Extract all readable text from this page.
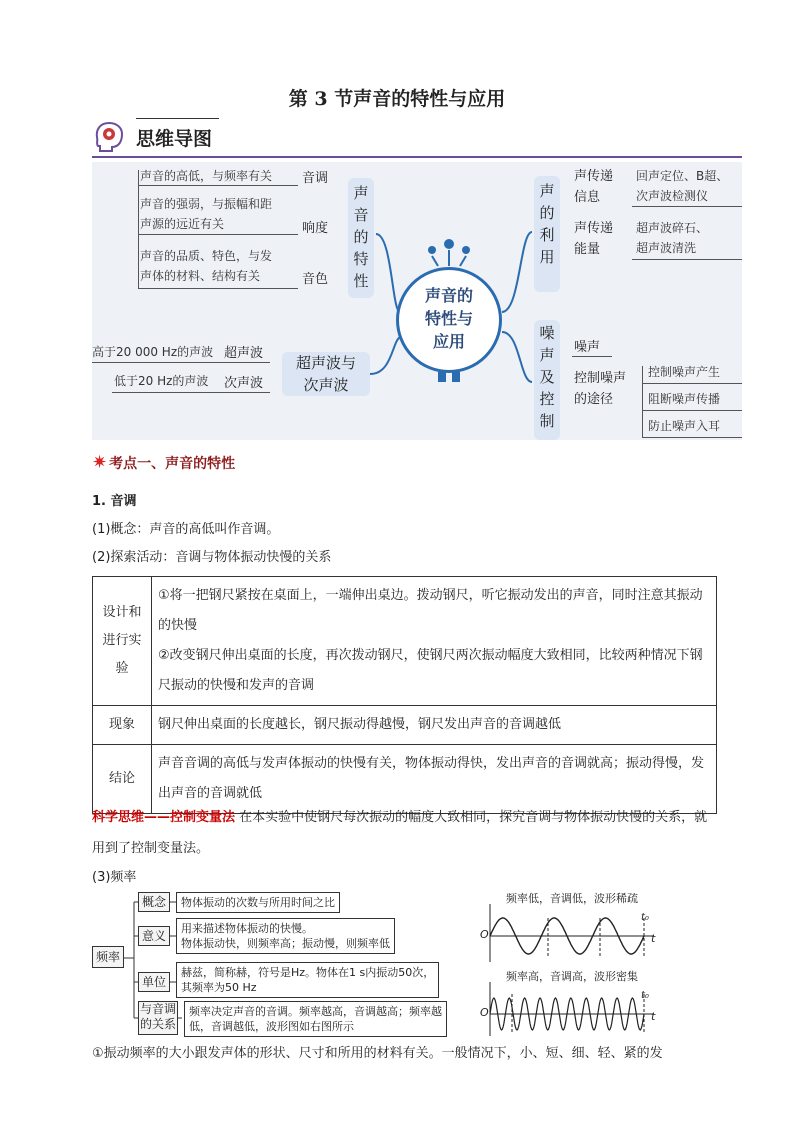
第 3 节声音的特性与应用
思维导图
声音的高低，与频率有关 音调
声音的强弱，与振幅和距
声源的远近有关	响度
声音的品质、特色，与发
声体的材料、结构有关	音色
声
音
的
特
性
高于20 000 Hz的声波 超声波
低于20 Hz的声波 次声波
超声波与
次声波
声音的
特性与
应用
声
的
利
用
声传递
信息
回声定位、B超、
次声波检测仪
声传递
能量
超声波碎石、
超声波清洗
噪
声
及
控
制
噪声
控制噪声
的途径
控制噪声产生
阻断噪声传播
防止噪声入耳
✷ 考点一、声音的特性
1. 音调
(1)概念：声音的高低叫作音调。
(2)探索活动：音调与物体振动快慢的关系
设计和进行实验	①将一把钢尺紧按在桌面上，一端伸出桌边。拨动钢尺，听它振动发出的声音，同时注意其振动的快慢
②改变钢尺伸出桌面的长度，再次拨动钢尺，使钢尺两次振动幅度大致相同，比较两种情况下钢尺振动的快慢和发声的音调

现象	钢尺伸出桌面的长度越长，钢尺振动得越慢，钢尺发出声音的音调越低
结论	声音音调的高低与发声体振动的快慢有关，物体振动得快，发出声音的音调就高；振动得慢，发出声音的音调就低
科学思维——控制变量法 在本实验中使钢尺每次振动的幅度大致相同，探究音调与物体振动快慢的关系，就用到了控制变量法。
(3)频率
频率
概念	物体振动的次数与所用时间之比
意义
用来描述物体振动的快慢。
物体振动快，则频率高；振动慢，则频率低
单位
赫兹，简称赫，符号是Hz。物体在1 s内振动50次，
其频率为50 Hz
与音调
的关系
频率决定声音的音调。频率越高，音调越高；频率越
低，音调越低，波形图如右图所示
频率低，音调低，波形稀疏
O	t
t₀
频率高，音调高，波形密集
O	t
t₀
①振动频率的大小跟发声体的形状、尺寸和所用的材料有关。一般情况下，小、短、细、轻、紧的发
